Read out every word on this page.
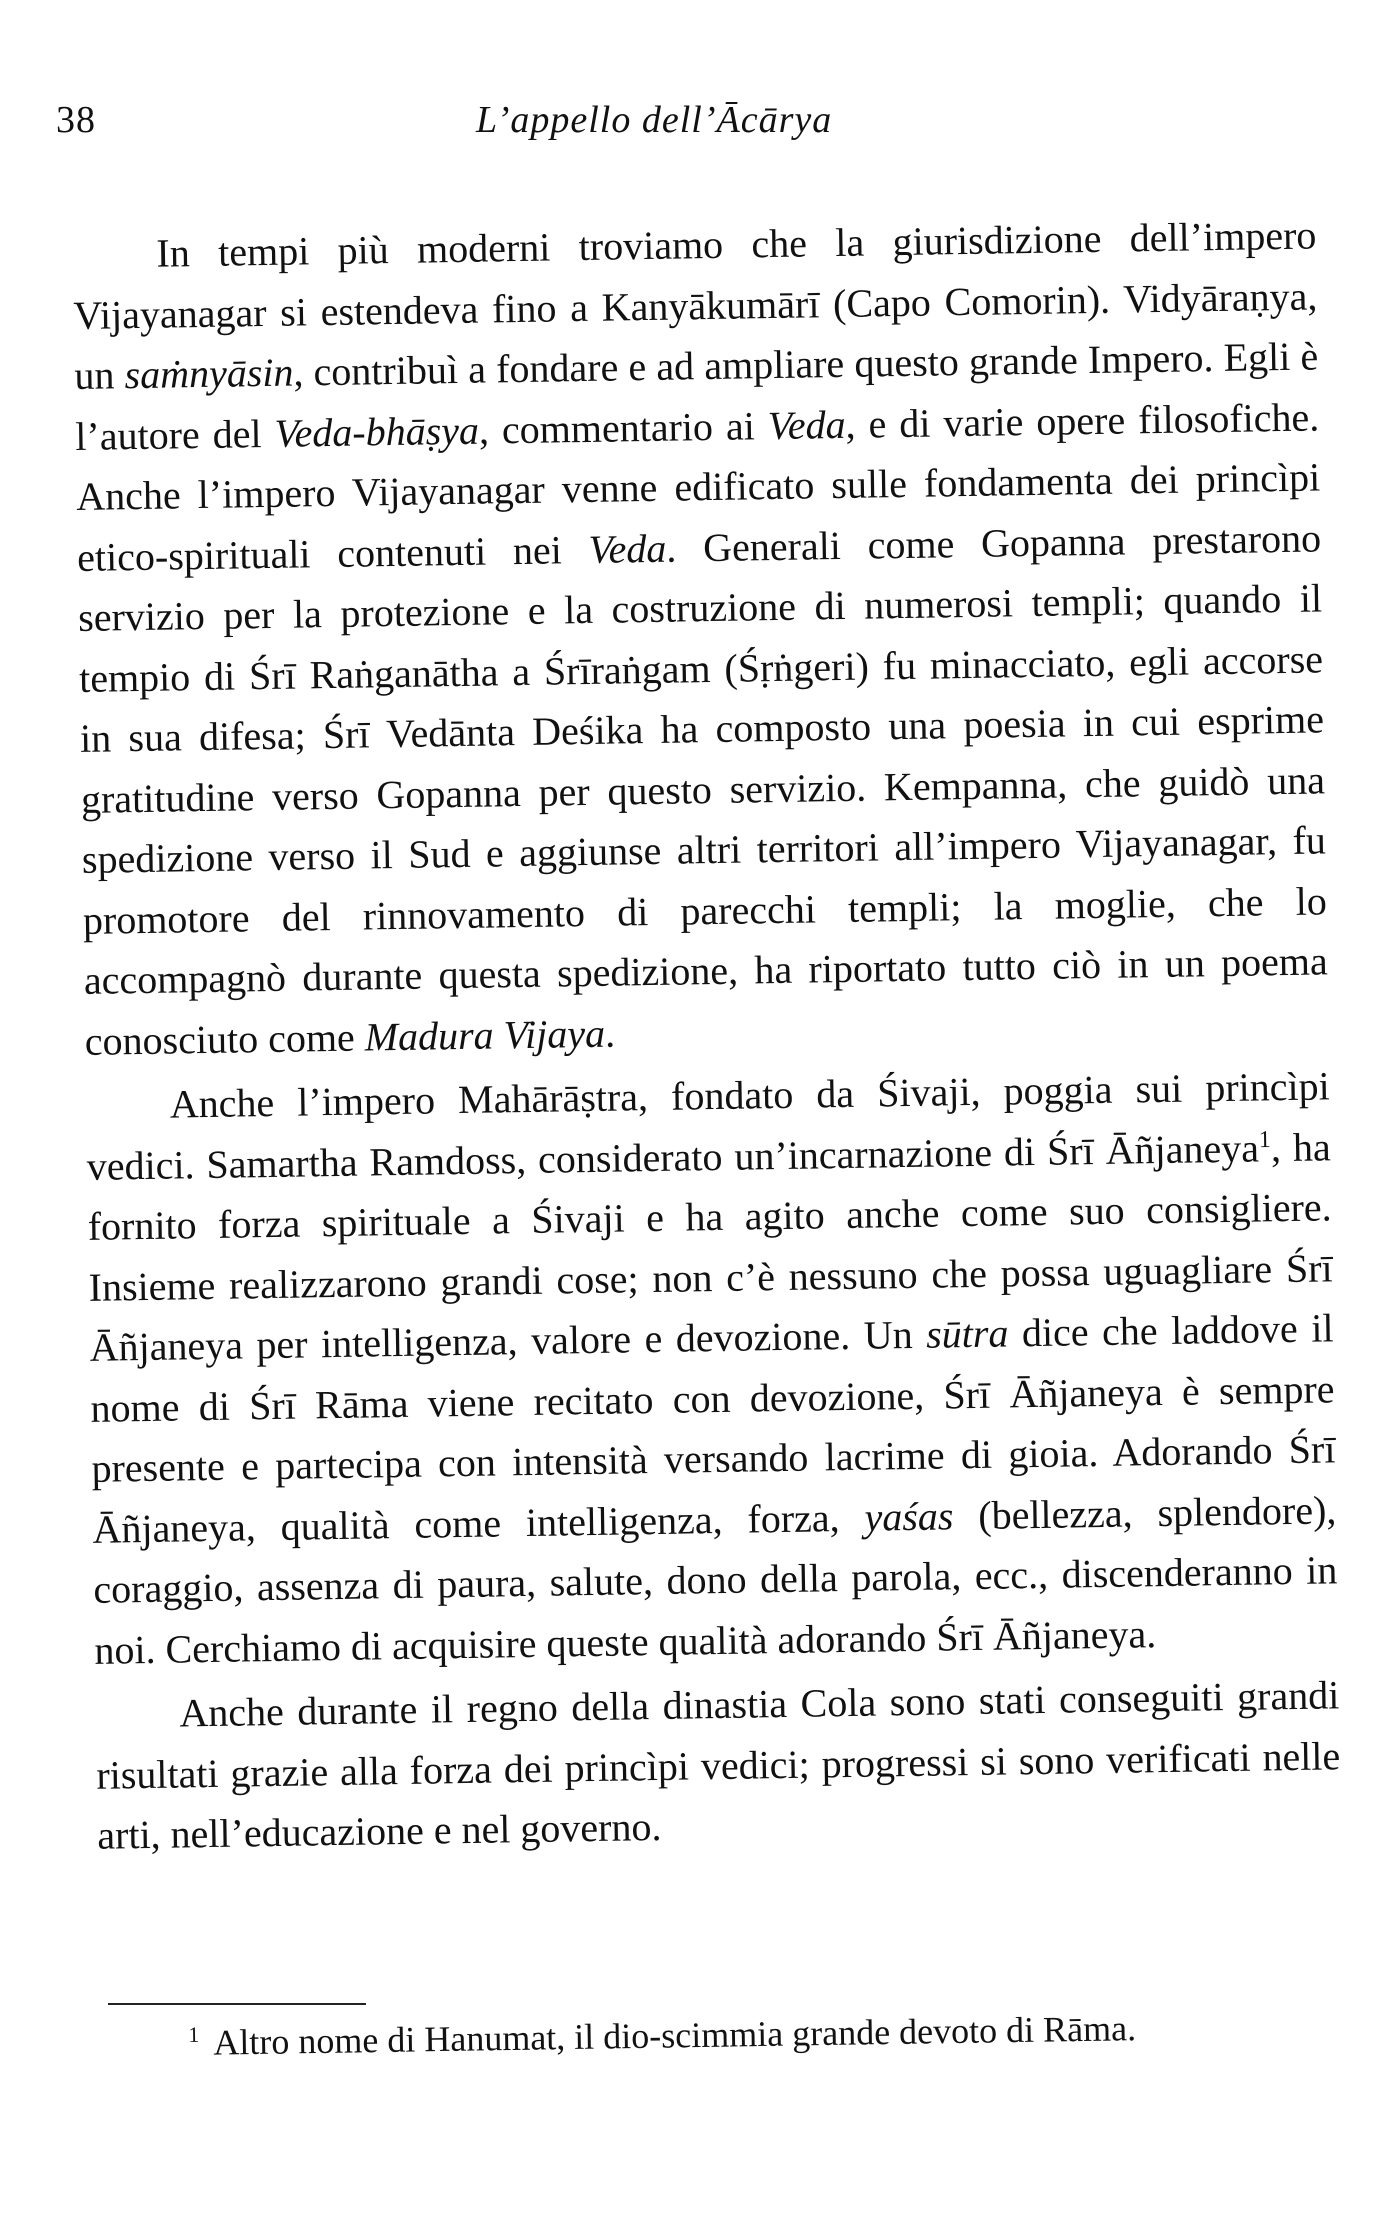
38	L’appello dell’Ācārya

In tempi più moderni troviamo che la giurisdizione dell’impero Vijayanagar si estendeva fino a Kanyākumārī (Capo Comorin). Vidyāraṇya, un saṁnyāsin, contribuì a fondare e ad ampliare questo grande Impero. Egli è l’autore del Veda-bhāṣya, commentario ai Veda, e di varie opere filosofiche. Anche l’impero Vijayanagar venne edificato sulle fondamenta dei princìpi etico-spirituali contenuti nei Veda. Generali come Gopanna prestarono servizio per la protezione e la costruzione di numerosi templi; quando il tempio di Śrī Raṅganātha a Śrīraṅgam (Śṛṅgeri) fu minacciato, egli accorse in sua difesa; Śrī Vedānta Deśika ha composto una poesia in cui esprime gratitudine verso Gopanna per questo servizio. Kempanna, che guidò una spedizione verso il Sud e aggiunse altri territori all’impero Vijayanagar, fu promotore del rinnovamento di parecchi templi; la moglie, che lo accompagnò durante questa spedizione, ha riportato tutto ciò in un poema conosciuto come Madura Vijaya.

Anche l’impero Mahārāṣtra, fondato da Śivaji, poggia sui princìpi vedici. Samartha Ramdoss, considerato un’incarnazione di Śrī Āñjaneya$^1$, ha fornito forza spirituale a Śivaji e ha agito anche come suo consigliere. Insieme realizzarono grandi cose; non c’è nessuno che possa uguagliare Śrī Āñjaneya per intelligenza, valore e devozione. Un sūtra dice che laddove il nome di Śrī Rāma viene recitato con devozione, Śrī Āñjaneya è sempre presente e partecipa con intensità versando lacrime di gioia. Adorando Śrī Āñjaneya, qualità come intelligenza, forza, yaśas (bellezza, splendore), coraggio, assenza di paura, salute, dono della parola, ecc., discenderanno in noi. Cerchiamo di acquisire queste qualità adorando Śrī Āñjaneya.

Anche durante il regno della dinastia Cola sono stati conseguiti grandi risultati grazie alla forza dei princìpi vedici; progressi si sono verificati nelle arti, nell’educazione e nel governo.

$^1$ Altro nome di Hanumat, il dio-scimmia grande devoto di Rāma.
